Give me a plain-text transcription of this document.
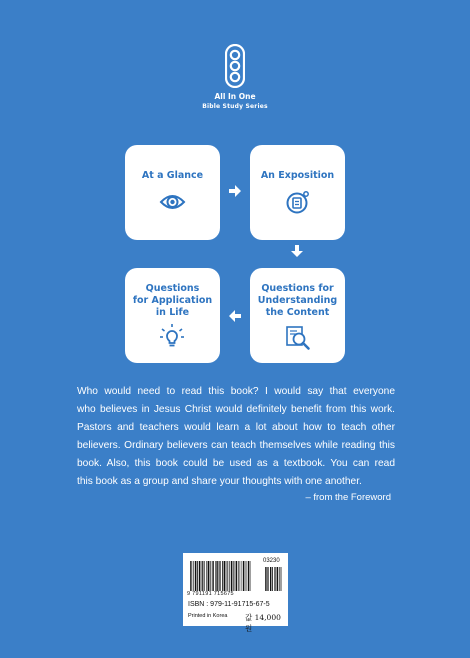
All In One
Bible Study Series
At a Glance	An Exposition
Questions
for Application
in Life
Questions for
Understanding
the Content

Who would need to read this book? I would say that everyone

who believes in Jesus Christ would definitely benefit from this work.

Pastors and teachers would learn a lot about how to teach other

believers. Ordinary believers can teach themselves while reading this

book. Also, this book could be used as a textbook. You can read

this book as a group and share your thoughts with one another.

– from the Foreword
03230
9 791191 715675
ISBN : 979-11-91715-67-5
Printed in Korea 값 14,000원
